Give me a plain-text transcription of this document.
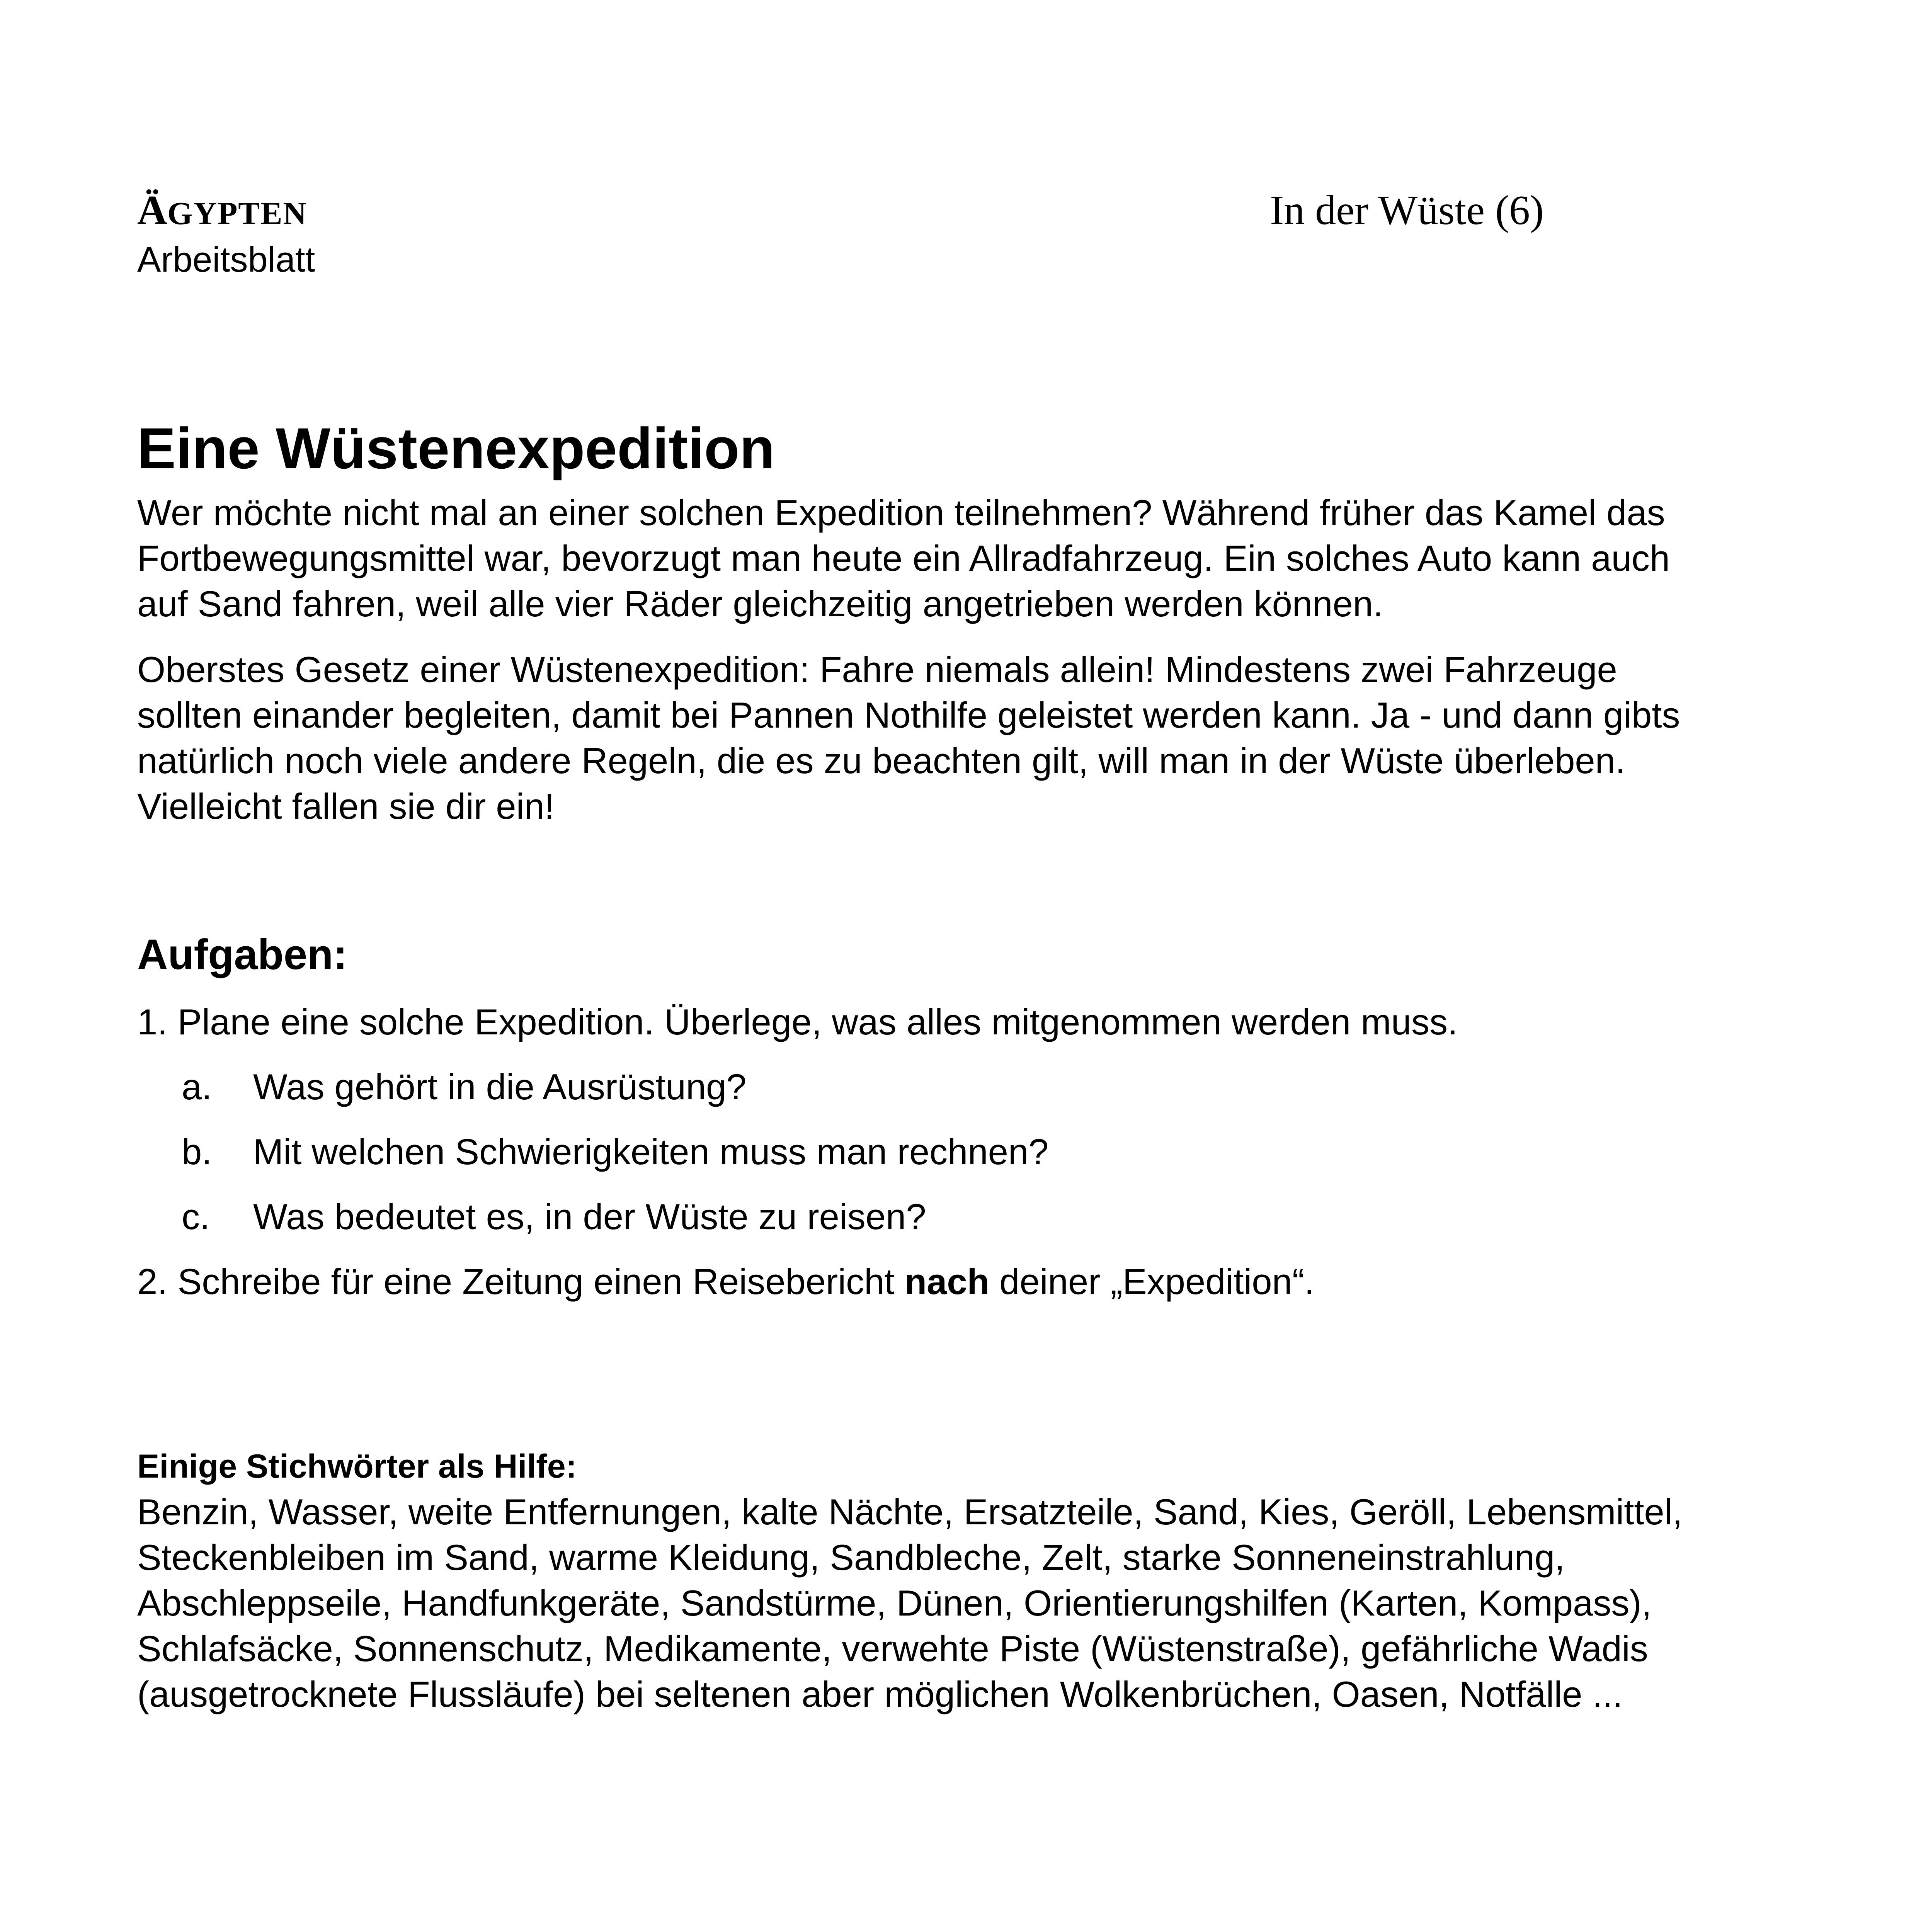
ÄGYPTEN
Arbeitsblatt
In der Wüste (6)
Eine Wüstenexpedition

Wer möchte nicht mal an einer solchen Expedition teilnehmen? Während früher das Kamel das Fortbewegungsmittel war, bevorzugt man heute ein Allradfahrzeug. Ein solches Auto kann auch auf Sand fahren, weil alle vier Räder gleichzeitig angetrieben werden können.

Oberstes Gesetz einer Wüstenexpedition: Fahre niemals allein! Mindestens zwei Fahrzeuge sollten einander begleiten, damit bei Pannen Nothilfe geleistet werden kann. Ja - und dann gibts natürlich noch viele andere Regeln, die es zu beachten gilt, will man in der Wüste überleben. Vielleicht fallen sie dir ein!

Aufgaben:
1. Plane eine solche Expedition. Überlege, was alles mitgenommen werden muss.
a. Was gehört in die Ausrüstung?
b. Mit welchen Schwierigkeiten muss man rechnen?
c. Was bedeutet es, in der Wüste zu reisen?
2. Schreibe für eine Zeitung einen Reisebericht nach deiner „Expedition“.
Einige Stichwörter als Hilfe:

Benzin, Wasser, weite Entfernungen, kalte Nächte, Ersatzteile, Sand, Kies, Geröll, Lebensmittel, Steckenbleiben im Sand, warme Kleidung, Sandbleche, Zelt, starke Sonneneinstrahlung, Abschleppseile, Handfunkgeräte, Sandstürme, Dünen, Orientierungshilfen (Karten, Kompass), Schlafsäcke, Sonnenschutz, Medikamente, verwehte Piste (Wüstenstraße), gefährliche Wadis (ausgetrocknete Flussläufe) bei seltenen aber möglichen Wolkenbrüchen, Oasen, Notfälle ...
